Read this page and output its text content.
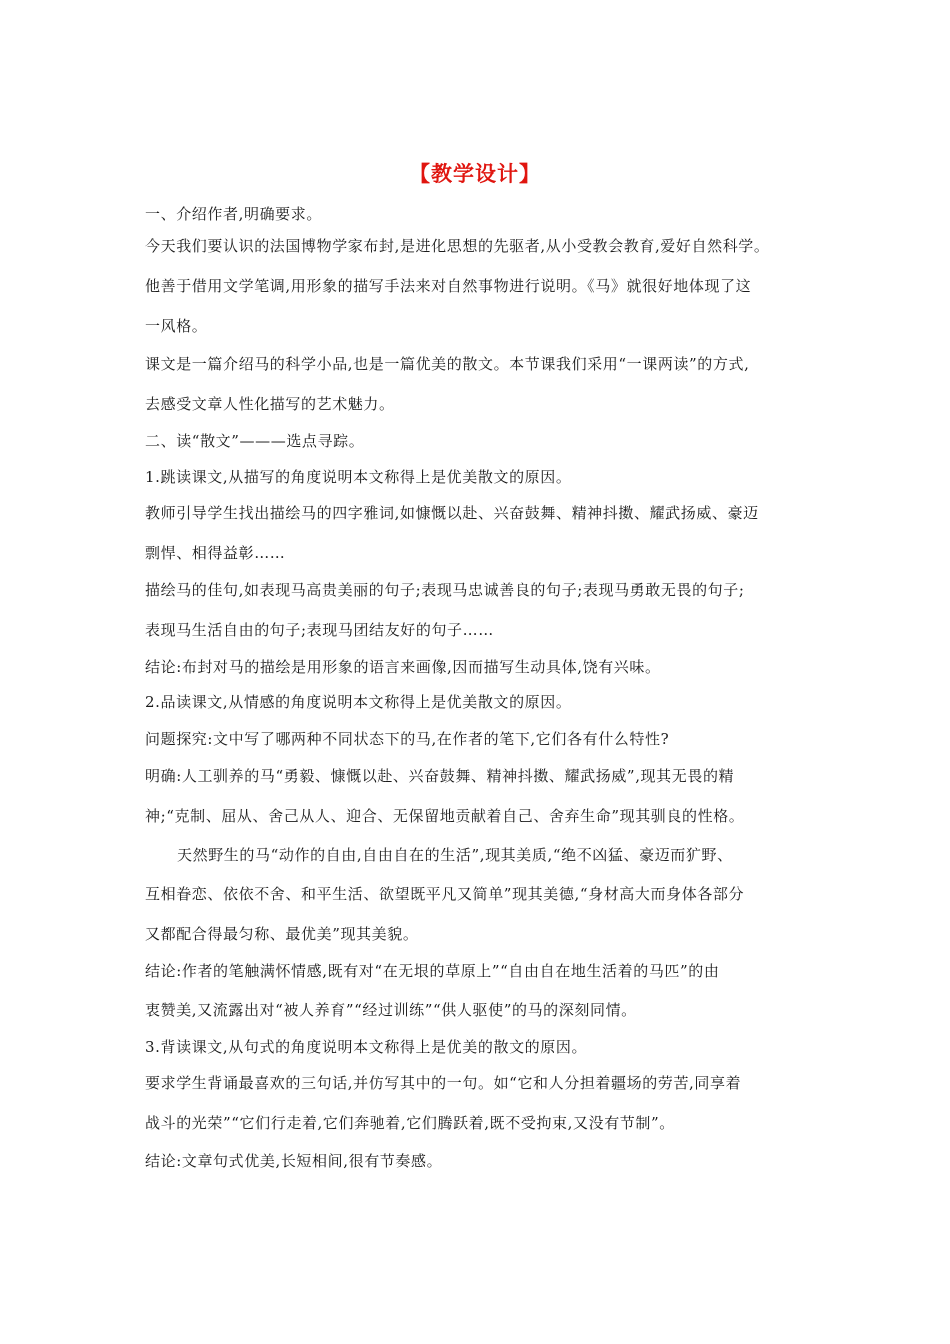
【教学设计】
一、介绍作者,明确要求。
今天我们要认识的法国博物学家布封,是进化思想的先驱者,从小受教会教育,爱好自然科学。
他善于借用文学笔调,用形象的描写手法来对自然事物进行说明。《马》就很好地体现了这
一风格。
课文是一篇介绍马的科学小品,也是一篇优美的散文。本节课我们采用“一课两读”的方式,
去感受文章人性化描写的艺术魅力。
二、读“散文”———选点寻踪。
1.跳读课文,从描写的角度说明本文称得上是优美散文的原因。
教师引导学生找出描绘马的四字雅词,如慷慨以赴、兴奋鼓舞、精神抖擞、耀武扬威、豪迈
剽悍、相得益彰……
描绘马的佳句,如表现马高贵美丽的句子;表现马忠诚善良的句子;表现马勇敢无畏的句子;
表现马生活自由的句子;表现马团结友好的句子……
结论:布封对马的描绘是用形象的语言来画像,因而描写生动具体,饶有兴味。
2.品读课文,从情感的角度说明本文称得上是优美散文的原因。
问题探究:文中写了哪两种不同状态下的马,在作者的笔下,它们各有什么特性?
明确:人工驯养的马“勇毅、慷慨以赴、兴奋鼓舞、精神抖擞、耀武扬威”,现其无畏的精
神;“克制、屈从、舍己从人、迎合、无保留地贡献着自己、舍弃生命”现其驯良的性格。
天然野生的马“动作的自由,自由自在的生活”,现其美质,“绝不凶猛、豪迈而犷野、
互相眷恋、依依不舍、和平生活、欲望既平凡又简单”现其美德,“身材高大而身体各部分
又都配合得最匀称、最优美”现其美貌。
结论:作者的笔触满怀情感,既有对“在无垠的草原上”“自由自在地生活着的马匹”的由
衷赞美,又流露出对“被人养育”“经过训练”“供人驱使”的马的深刻同情。
3.背读课文,从句式的角度说明本文称得上是优美的散文的原因。
要求学生背诵最喜欢的三句话,并仿写其中的一句。如“它和人分担着疆场的劳苦,同享着
战斗的光荣”“它们行走着,它们奔驰着,它们腾跃着,既不受拘束,又没有节制”。
结论:文章句式优美,长短相间,很有节奏感。
